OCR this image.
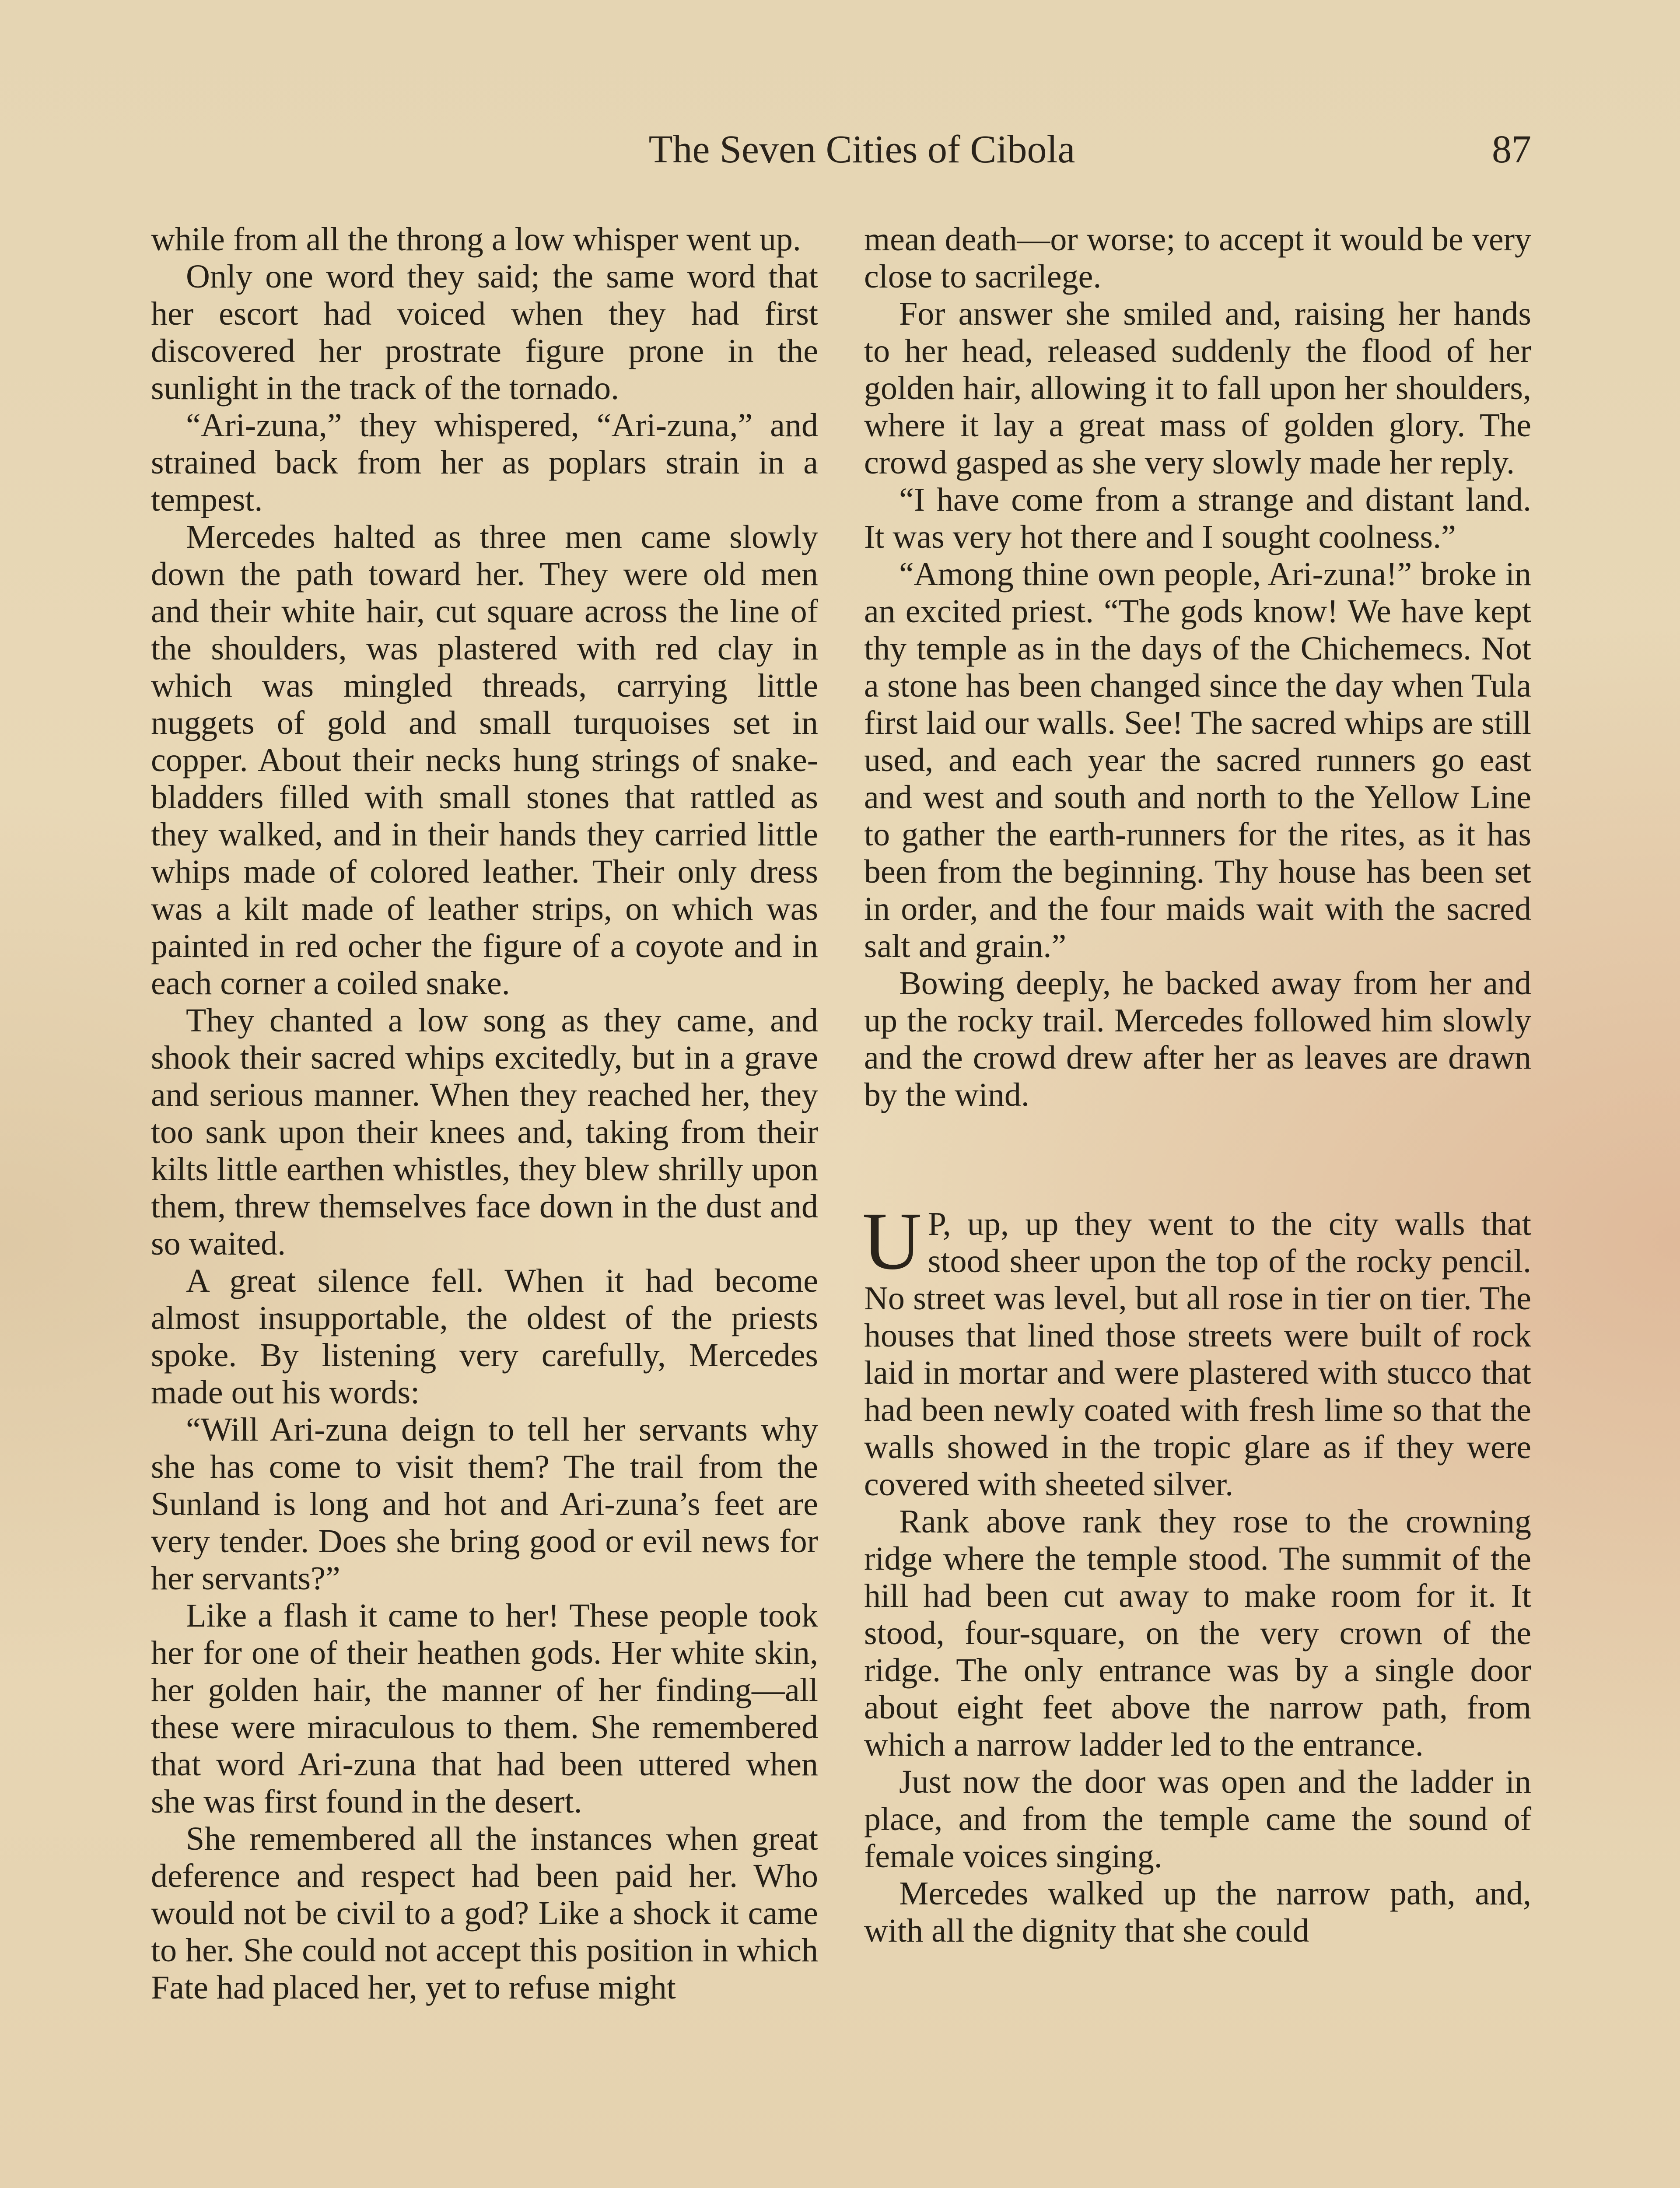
The Seven Cities of Cibola	87

while from all the throng a low whisper went up.

Only one word they said; the same word that her escort had voiced when they had first discovered her prostrate figure prone in the sunlight in the track of the tornado.

“Ari-zuna,” they whispered, “Ari-zuna,” and strained back from her as poplars strain in a tempest.

Mercedes halted as three men came slowly down the path toward her. They were old men and their white hair, cut square across the line of the shoulders, was plastered with red clay in which was mingled threads, carrying little nuggets of gold and small turquoises set in copper. About their necks hung strings of snake-bladders filled with small stones that rattled as they walked, and in their hands they carried little whips made of colored leather. Their only dress was a kilt made of leather strips, on which was painted in red ocher the figure of a coyote and in each corner a coiled snake.

They chanted a low song as they came, and shook their sacred whips excitedly, but in a grave and serious manner. When they reached her, they too sank upon their knees and, taking from their kilts little earthen whistles, they blew shrilly upon them, threw themselves face down in the dust and so waited.

A great silence fell. When it had become almost insupportable, the oldest of the priests spoke. By listening very carefully, Mercedes made out his words:

“Will Ari-zuna deign to tell her servants why she has come to visit them? The trail from the Sunland is long and hot and Ari-zuna’s feet are very tender. Does she bring good or evil news for her servants?”

Like a flash it came to her! These people took her for one of their heathen gods. Her white skin, her golden hair, the manner of her finding—all these were miraculous to them. She remembered that word Ari-zuna that had been uttered when she was first found in the desert.

She remembered all the instances when great deference and respect had been paid her. Who would not be civil to a god? Like a shock it came to her. She could not accept this position in which Fate had placed her, yet to refuse might

mean death—or worse; to accept it would be very close to sacrilege.

For answer she smiled and, raising her hands to her head, released suddenly the flood of her golden hair, allowing it to fall upon her shoulders, where it lay a great mass of golden glory. The crowd gasped as she very slowly made her reply.

“I have come from a strange and distant land. It was very hot there and I sought coolness.”

“Among thine own people, Ari-zuna!” broke in an excited priest. “The gods know! We have kept thy temple as in the days of the Chichemecs. Not a stone has been changed since the day when Tula first laid our walls. See! The sacred whips are still used, and each year the sacred runners go east and west and south and north to the Yellow Line to gather the earth-runners for the rites, as it has been from the beginning. Thy house has been set in order, and the four maids wait with the sacred salt and grain.”

Bowing deeply, he backed away from her and up the rocky trail. Mercedes followed him slowly and the crowd drew after her as leaves are drawn by the wind.

U P, up, up they went to the city walls that stood sheer upon the top of the rocky pencil. No street was level, but all rose in tier on tier. The houses that lined those streets were built of rock laid in mortar and were plastered with stucco that had been newly coated with fresh lime so that the walls showed in the tropic glare as if they were covered with sheeted silver.

Rank above rank they rose to the crowning ridge where the temple stood. The summit of the hill had been cut away to make room for it. It stood, four-square, on the very crown of the ridge. The only entrance was by a single door about eight feet above the narrow path, from which a narrow ladder led to the entrance.

Just now the door was open and the ladder in place, and from the temple came the sound of female voices singing.

Mercedes walked up the narrow path, and, with all the dignity that she could
